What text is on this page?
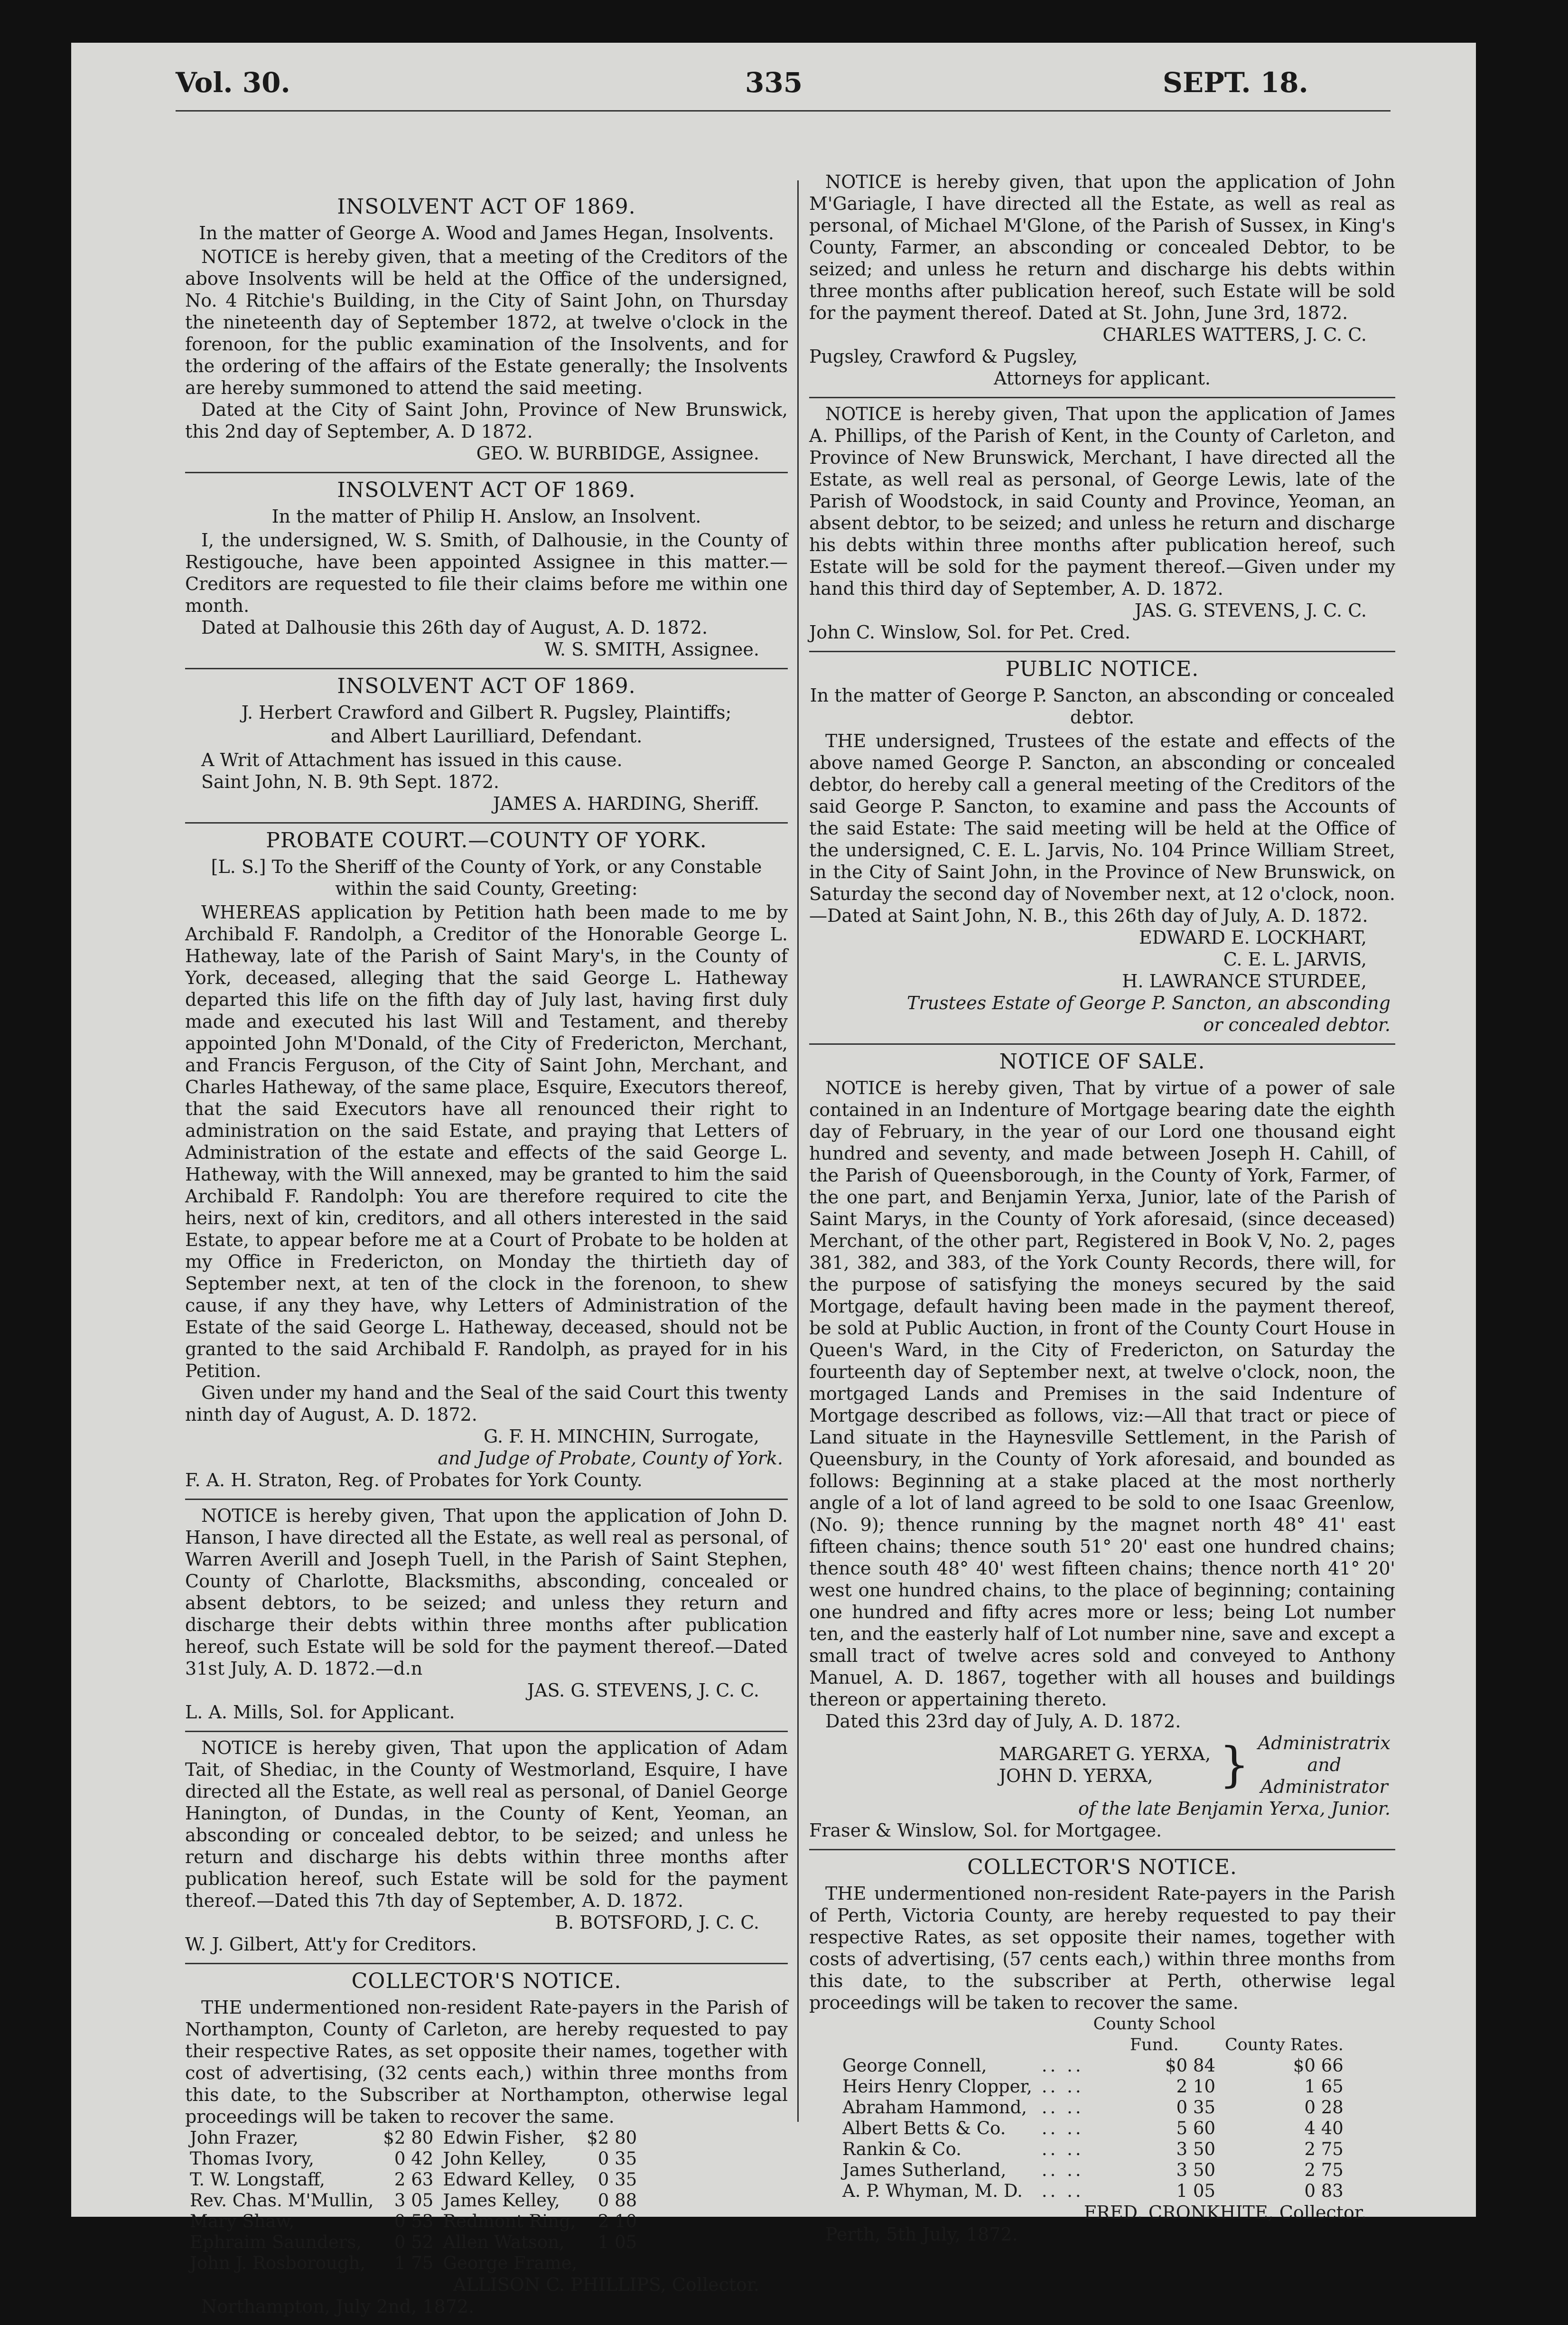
Vol. 30.	335	SEPT. 18.
INSOLVENT ACT OF 1869.
In the matter of George A. Wood and James Hegan, Insolvents.
NOTICE is hereby given, that a meeting of the Creditors of the above Insolvents will be held at the Office of the undersigned, No. 4 Ritchie's Building, in the City of Saint John, on Thursday the nineteenth day of September 1872, at twelve o'clock in the forenoon, for the public examination of the Insolvents, and for the ordering of the affairs of the Estate generally; the Insolvents are hereby summoned to attend the said meeting.
Dated at the City of Saint John, Province of New Brunswick, this 2nd day of September, A. D 1872.
GEO. W. BURBIDGE, Assignee.
INSOLVENT ACT OF 1869.
In the matter of Philip H. Anslow, an Insolvent.
I, the undersigned, W. S. Smith, of Dalhousie, in the County of Restigouche, have been appointed Assignee in this matter.—Creditors are requested to file their claims before me within one month.
Dated at Dalhousie this 26th day of August, A. D. 1872.
W. S. SMITH, Assignee.
INSOLVENT ACT OF 1869.
J. Herbert Crawford and Gilbert R. Pugsley, Plaintiffs;
and Albert Laurilliard, Defendant.
A Writ of Attachment has issued in this cause.
Saint John, N. B. 9th Sept. 1872.
JAMES A. HARDING, Sheriff.
PROBATE COURT.—COUNTY OF YORK.
[L. S.] To the Sheriff of the County of York, or any Constable within the said County, Greeting:
WHEREAS application by Petition hath been made to me by Archibald F. Randolph, a Creditor of the Honorable George L. Hatheway, late of the Parish of Saint Mary's, in the County of York, deceased, alleging that the said George L. Hatheway departed this life on the fifth day of July last, having first duly made and executed his last Will and Testament, and thereby appointed John M'Donald, of the City of Fredericton, Merchant, and Francis Ferguson, of the City of Saint John, Merchant, and Charles Hatheway, of the same place, Esquire, Executors thereof, that the said Executors have all renounced their right to administration on the said Estate, and praying that Letters of Administration of the estate and effects of the said George L. Hatheway, with the Will annexed, may be granted to him the said Archibald F. Randolph: You are therefore required to cite the heirs, next of kin, creditors, and all others interested in the said Estate, to appear before me at a Court of Probate to be holden at my Office in Fredericton, on Monday the thirtieth day of September next, at ten of the clock in the forenoon, to shew cause, if any they have, why Letters of Administration of the Estate of the said George L. Hatheway, deceased, should not be granted to the said Archibald F. Randolph, as prayed for in his Petition.
Given under my hand and the Seal of the said Court this twenty ninth day of August, A. D. 1872.
G. F. H. MINCHIN, Surrogate,
and Judge of Probate, County of York.
F. A. H. Straton, Reg. of Probates for York County.
NOTICE is hereby given, That upon the application of John D. Hanson, I have directed all the Estate, as well real as personal, of Warren Averill and Joseph Tuell, in the Parish of Saint Stephen, County of Charlotte, Blacksmiths, absconding, concealed or absent debtors, to be seized; and unless they return and discharge their debts within three months after publication hereof, such Estate will be sold for the payment thereof.—Dated 31st July, A. D. 1872.—d.n
JAS. G. STEVENS, J. C. C.
L. A. Mills, Sol. for Applicant.
NOTICE is hereby given, That upon the application of Adam Tait, of Shediac, in the County of Westmorland, Esquire, I have directed all the Estate, as well real as personal, of Daniel George Hanington, of Dundas, in the County of Kent, Yeoman, an absconding or concealed debtor, to be seized; and unless he return and discharge his debts within three months after publication hereof, such Estate will be sold for the payment thereof.—Dated this 7th day of September, A. D. 1872.
B. BOTSFORD, J. C. C.
W. J. Gilbert, Att'y for Creditors.
COLLECTOR'S NOTICE.
THE undermentioned non-resident Rate-payers in the Parish of Northampton, County of Carleton, are hereby requested to pay their respective Rates, as set opposite their names, together with cost of advertising, (32 cents each,) within three months from this date, to the Subscriber at Northampton, otherwise legal proceedings will be taken to recover the same.
John Frazer,	$2 80	Edwin Fisher,	$2 80
Thomas Ivory,	0 42	John Kelley,	0 35
T. W. Longstaff,	2 63	Edward Kelley,	0 35
Rev. Chas. M'Mullin,	3 05	James Kelley,	0 88
Mary Shaw,	0 53	Redmont Ring,	2 10
Ephraim Saunders,	0 52	Allen Watson,	1 05
John J. Rosborough,	1 75	George Frame,	
ALLISON C. PHILLIPS, Collector.
Northampton, July 2nd, 1872.
NOTICE is hereby given, that upon the application of John M'Gariagle, I have directed all the Estate, as well as real as personal, of Michael M'Glone, of the Parish of Sussex, in King's County, Farmer, an absconding or concealed Debtor, to be seized; and unless he return and discharge his debts within three months after publication hereof, such Estate will be sold for the payment thereof. Dated at St. John, June 3rd, 1872.
CHARLES WATTERS, J. C. C.
Pugsley, Crawford & Pugsley,
Attorneys for applicant.
NOTICE is hereby given, That upon the application of James A. Phillips, of the Parish of Kent, in the County of Carleton, and Province of New Brunswick, Merchant, I have directed all the Estate, as well real as personal, of George Lewis, late of the Parish of Woodstock, in said County and Province, Yeoman, an absent debtor, to be seized; and unless he return and discharge his debts within three months after publication hereof, such Estate will be sold for the payment thereof.—Given under my hand this third day of September, A. D. 1872.
JAS. G. STEVENS, J. C. C.
John C. Winslow, Sol. for Pet. Cred.
PUBLIC NOTICE.
In the matter of George P. Sancton, an absconding or concealed debtor.
THE undersigned, Trustees of the estate and effects of the above named George P. Sancton, an absconding or concealed debtor, do hereby call a general meeting of the Creditors of the said George P. Sancton, to examine and pass the Accounts of the said Estate: The said meeting will be held at the Office of the undersigned, C. E. L. Jarvis, No. 104 Prince William Street, in the City of Saint John, in the Province of New Brunswick, on Saturday the second day of November next, at 12 o'clock, noon.—Dated at Saint John, N. B., this 26th day of July, A. D. 1872.
EDWARD E. LOCKHART,
C. E. L. JARVIS,
H. LAWRANCE STURDEE,
Trustees Estate of George P. Sancton, an absconding
or concealed debtor.
NOTICE OF SALE.
NOTICE is hereby given, That by virtue of a power of sale contained in an Indenture of Mortgage bearing date the eighth day of February, in the year of our Lord one thousand eight hundred and seventy, and made between Joseph H. Cahill, of the Parish of Queensborough, in the County of York, Farmer, of the one part, and Benjamin Yerxa, Junior, late of the Parish of Saint Marys, in the County of York aforesaid, (since deceased) Merchant, of the other part, Registered in Book V, No. 2, pages 381, 382, and 383, of the York County Records, there will, for the purpose of satisfying the moneys secured by the said Mortgage, default having been made in the payment thereof, be sold at Public Auction, in front of the County Court House in Queen's Ward, in the City of Fredericton, on Saturday the fourteenth day of September next, at twelve o'clock, noon, the mortgaged Lands and Premises in the said Indenture of Mortgage described as follows, viz:—All that tract or piece of Land situate in the Haynesville Settlement, in the Parish of Queensbury, in the County of York aforesaid, and bounded as follows: Beginning at a stake placed at the most northerly angle of a lot of land agreed to be sold to one Isaac Greenlow, (No. 9); thence running by the magnet north 48° 41' east fifteen chains; thence south 51° 20' east one hundred chains; thence south 48° 40' west fifteen chains; thence north 41° 20' west one hundred chains, to the place of beginning; containing one hundred and fifty acres more or less; being Lot number ten, and the easterly half of Lot number nine, save and except a small tract of twelve acres sold and conveyed to Anthony Manuel, A. D. 1867, together with all houses and buildings thereon or appertaining thereto.
Dated this 23rd day of July, A. D. 1872.
MARGARET G. YERXA,
JOHN D. YERXA,	} Administratrix
and
Administrator
of the late Benjamin Yerxa, Junior.
Fraser & Winslow, Sol. for Mortgagee.
COLLECTOR'S NOTICE.
THE undermentioned non-resident Rate-payers in the Parish of Perth, Victoria County, are hereby requested to pay their respective Rates, as set opposite their names, together with costs of advertising, (57 cents each,) within three months from this date, to the subscriber at Perth, otherwise legal proceedings will be taken to recover the same.

		County School
Fund.	County Rates.
George Connell,	.. ..	$0 84	$0 66
Heirs Henry Clopper,	.. ..	2 10	1 65
Abraham Hammond,	.. ..	0 35	0 28
Albert Betts & Co.	.. ..	5 60	4 40
Rankin & Co.	.. ..	3 50	2 75
James Sutherland,	.. ..	3 50	2 75
A. P. Whyman, M. D.	.. ..	1 05	0 83
FRED. CRONKHITE, Collector.
Perth, 5th July, 1872.
